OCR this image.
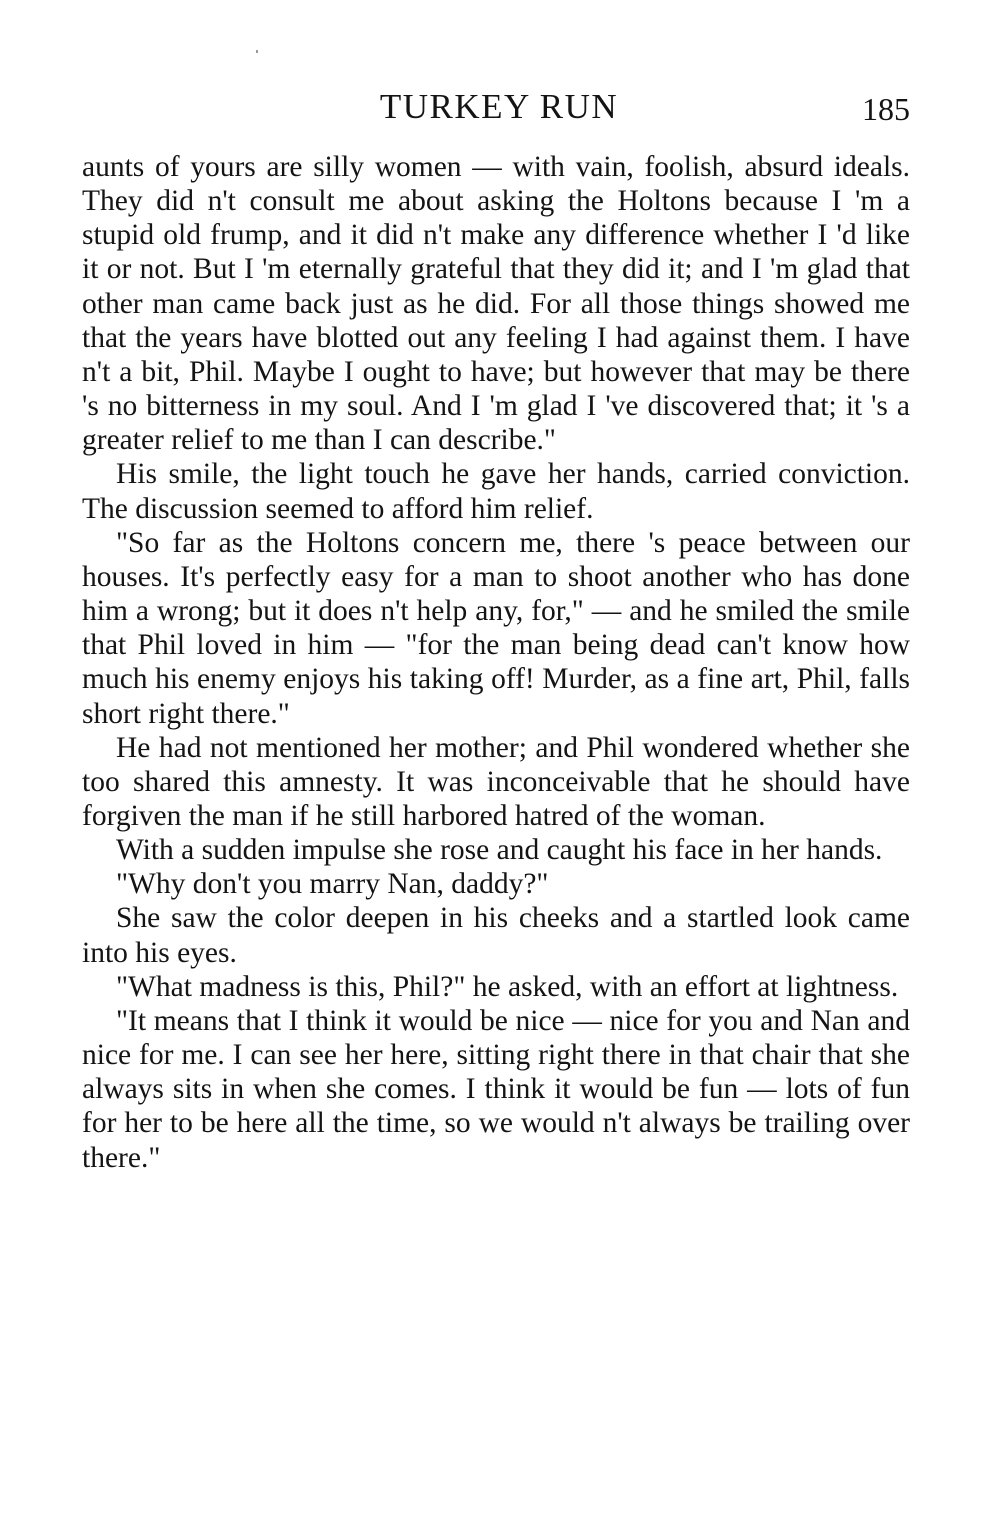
TURKEY RUN	185

aunts of yours are silly women — with vain, foolish, absurd ideals. They did n't consult me about asking the Holtons because I 'm a stupid old frump, and it did n't make any difference whether I 'd like it or not. But I 'm eternally grateful that they did it; and I 'm glad that other man came back just as he did. For all those things showed me that the years have blotted out any feeling I had against them. I have n't a bit, Phil. Maybe I ought to have; but however that may be there 's no bitterness in my soul. And I 'm glad I 've discovered that; it 's a greater relief to me than I can describe."

His smile, the light touch he gave her hands, carried conviction. The discussion seemed to afford him relief.

"So far as the Holtons concern me, there 's peace between our houses. It's perfectly easy for a man to shoot another who has done him a wrong; but it does n't help any, for," — and he smiled the smile that Phil loved in him — "for the man being dead can't know how much his enemy enjoys his taking off! Murder, as a fine art, Phil, falls short right there."

He had not mentioned her mother; and Phil wondered whether she too shared this amnesty. It was inconceivable that he should have forgiven the man if he still harbored hatred of the woman.

With a sudden impulse she rose and caught his face in her hands.

"Why don't you marry Nan, daddy?"

She saw the color deepen in his cheeks and a startled look came into his eyes.

"What madness is this, Phil?" he asked, with an effort at lightness.

"It means that I think it would be nice — nice for you and Nan and nice for me. I can see her here, sitting right there in that chair that she always sits in when she comes. I think it would be fun — lots of fun for her to be here all the time, so we would n't always be trailing over there."
